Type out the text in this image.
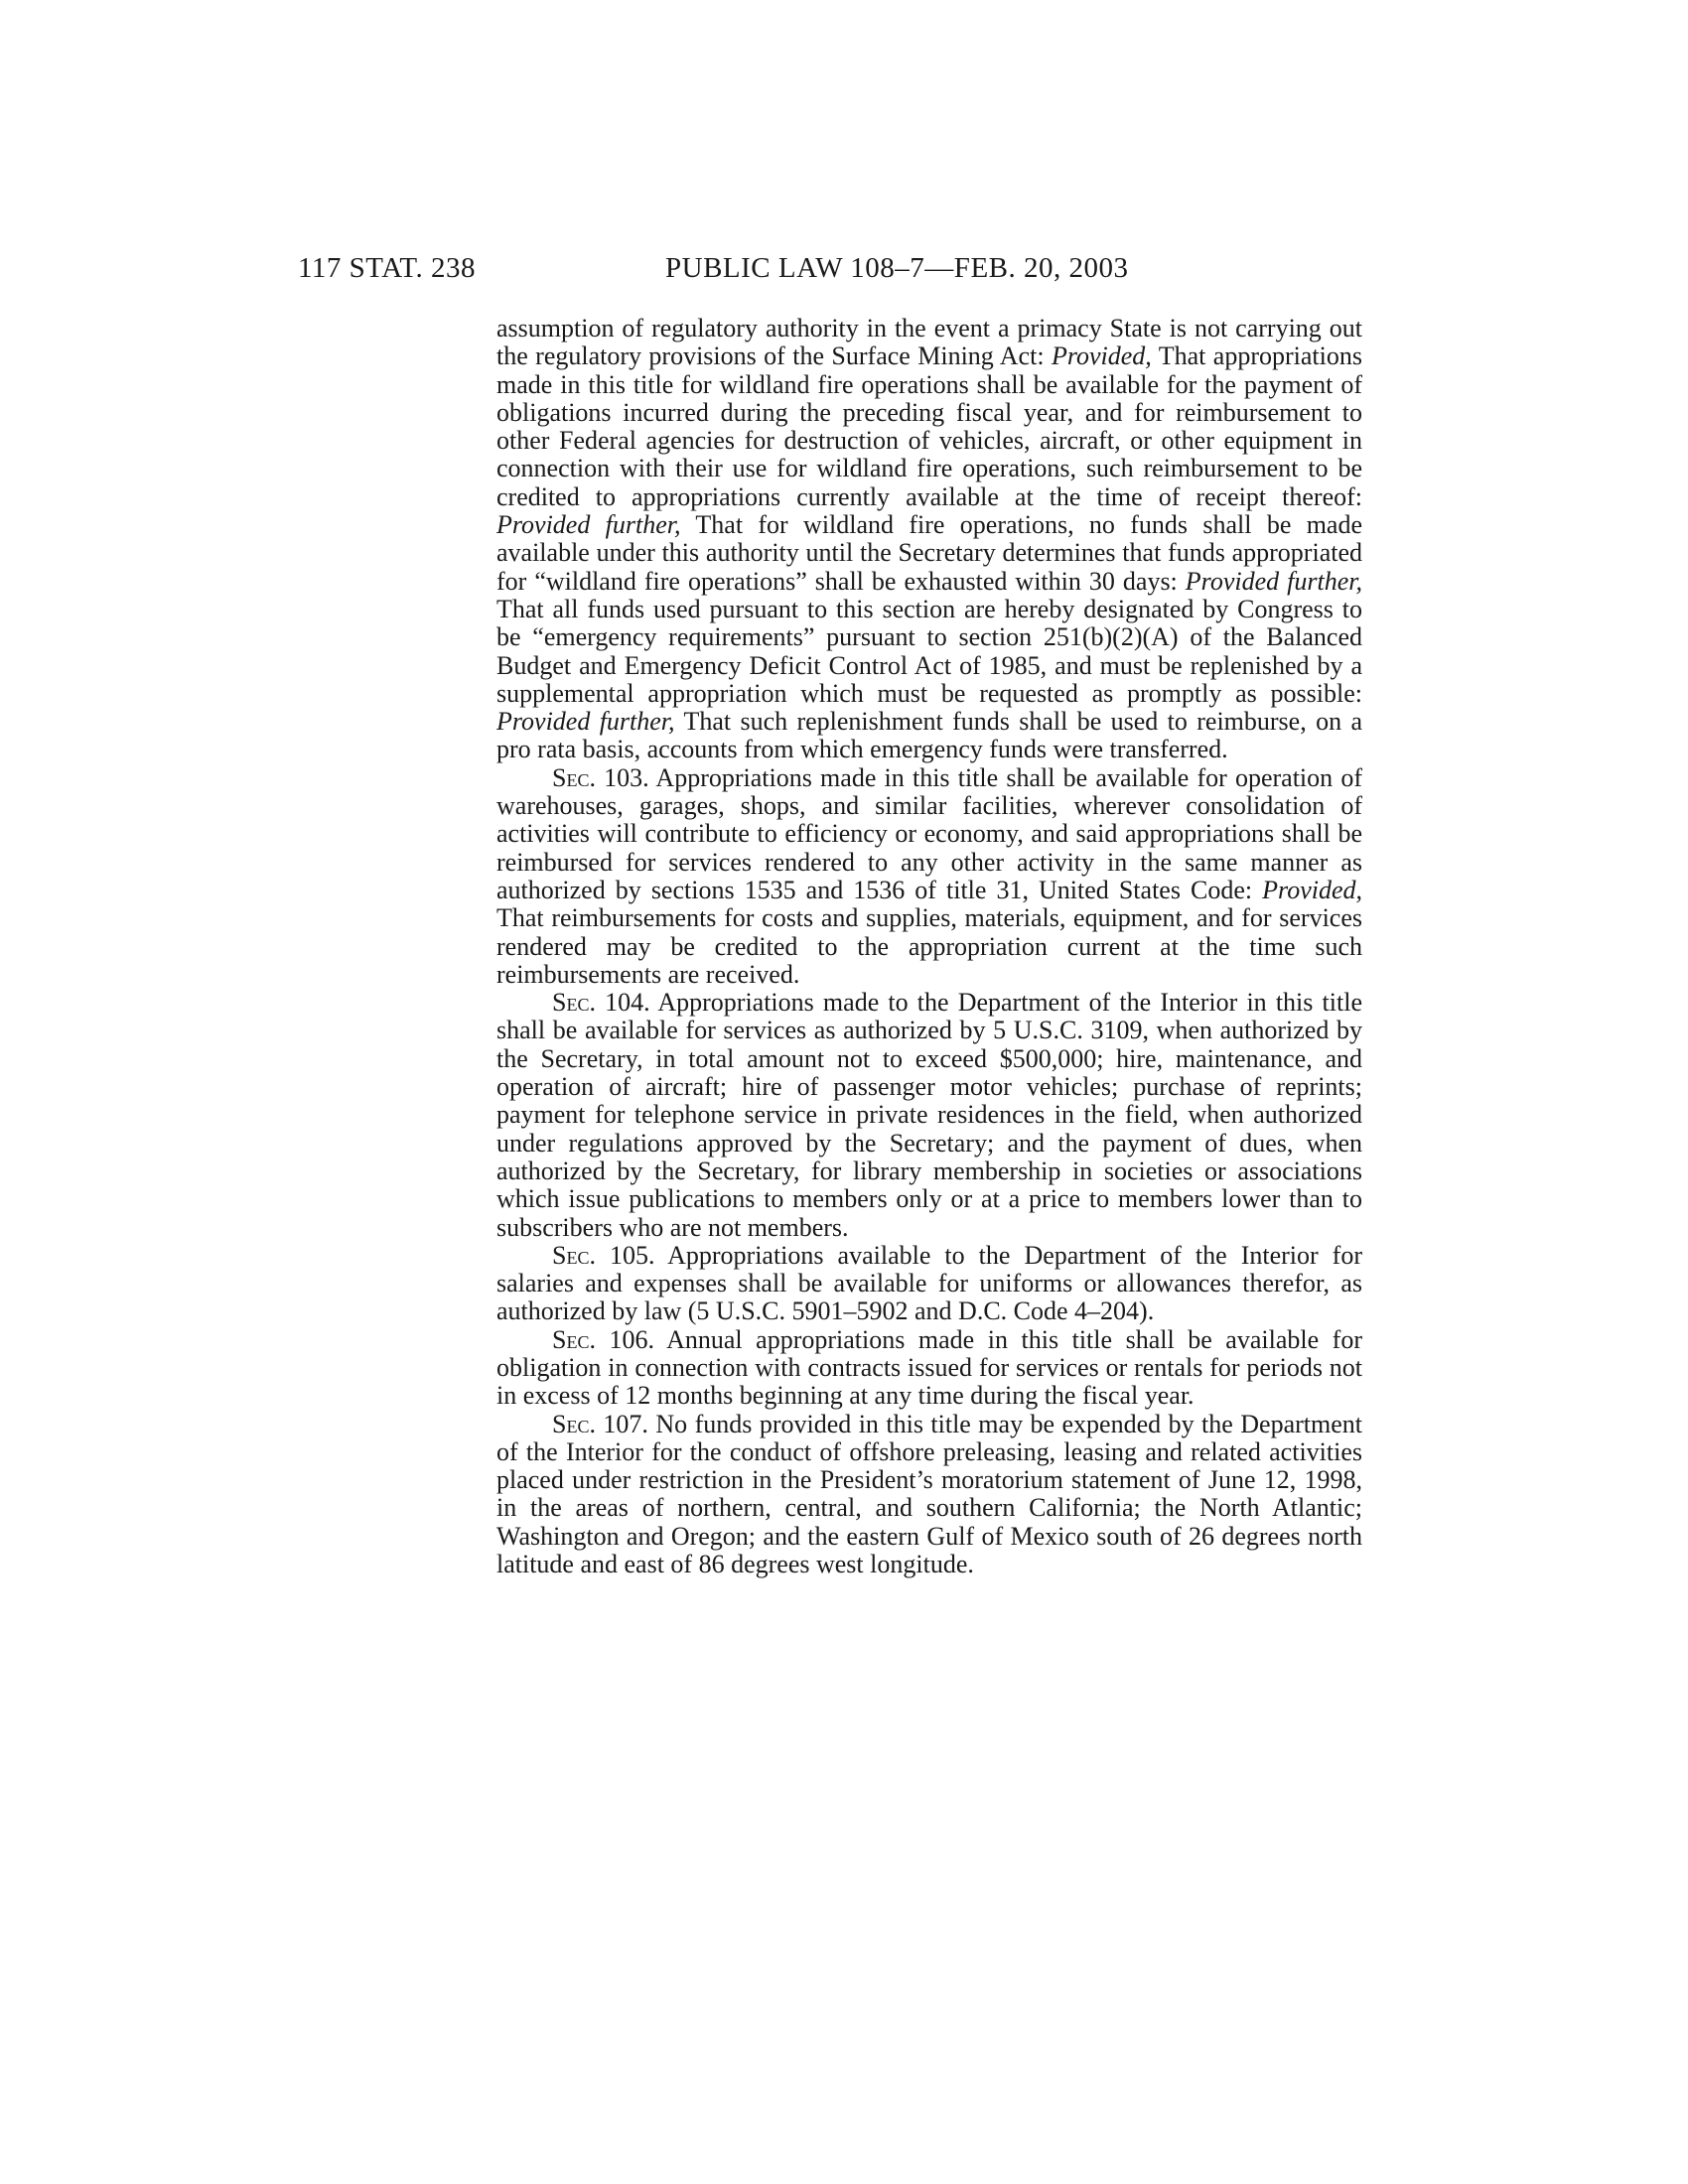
117 STAT. 238	PUBLIC LAW 108–7—FEB. 20, 2003

assumption of regulatory authority in the event a primacy State is not carrying out the regulatory provisions of the Surface Mining Act: Provided, That appropriations made in this title for wildland fire operations shall be available for the payment of obligations incurred during the preceding fiscal year, and for reimbursement to other Federal agencies for destruction of vehicles, aircraft, or other equipment in connection with their use for wildland fire operations, such reimbursement to be credited to appropriations currently available at the time of receipt thereof: Provided further, That for wildland fire operations, no funds shall be made available under this authority until the Secretary determines that funds appropriated for “wildland fire operations” shall be exhausted within 30 days: Provided further, That all funds used pursuant to this section are hereby designated by Congress to be “emergency requirements” pursuant to section 251(b)(2)(A) of the Balanced Budget and Emergency Deficit Control Act of 1985, and must be replenished by a supplemental appropriation which must be requested as promptly as possible: Provided further, That such replenishment funds shall be used to reimburse, on a pro rata basis, accounts from which emergency funds were transferred.

Sec. 103. Appropriations made in this title shall be available for operation of warehouses, garages, shops, and similar facilities, wherever consolidation of activities will contribute to efficiency or economy, and said appropriations shall be reimbursed for services rendered to any other activity in the same manner as authorized by sections 1535 and 1536 of title 31, United States Code: Provided, That reimbursements for costs and supplies, materials, equipment, and for services rendered may be credited to the appropriation current at the time such reimbursements are received.

Sec. 104. Appropriations made to the Department of the Interior in this title shall be available for services as authorized by 5 U.S.C. 3109, when authorized by the Secretary, in total amount not to exceed $500,000; hire, maintenance, and operation of aircraft; hire of passenger motor vehicles; purchase of reprints; payment for telephone service in private residences in the field, when authorized under regulations approved by the Secretary; and the payment of dues, when authorized by the Secretary, for library membership in societies or associations which issue publications to members only or at a price to members lower than to subscribers who are not members.

Sec. 105. Appropriations available to the Department of the Interior for salaries and expenses shall be available for uniforms or allowances therefor, as authorized by law (5 U.S.C. 5901–5902 and D.C. Code 4–204).

Sec. 106. Annual appropriations made in this title shall be available for obligation in connection with contracts issued for services or rentals for periods not in excess of 12 months beginning at any time during the fiscal year.

Sec. 107. No funds provided in this title may be expended by the Department of the Interior for the conduct of offshore preleasing, leasing and related activities placed under restriction in the President’s moratorium statement of June 12, 1998, in the areas of northern, central, and southern California; the North Atlantic; Washington and Oregon; and the eastern Gulf of Mexico south of 26 degrees north latitude and east of 86 degrees west longitude.
